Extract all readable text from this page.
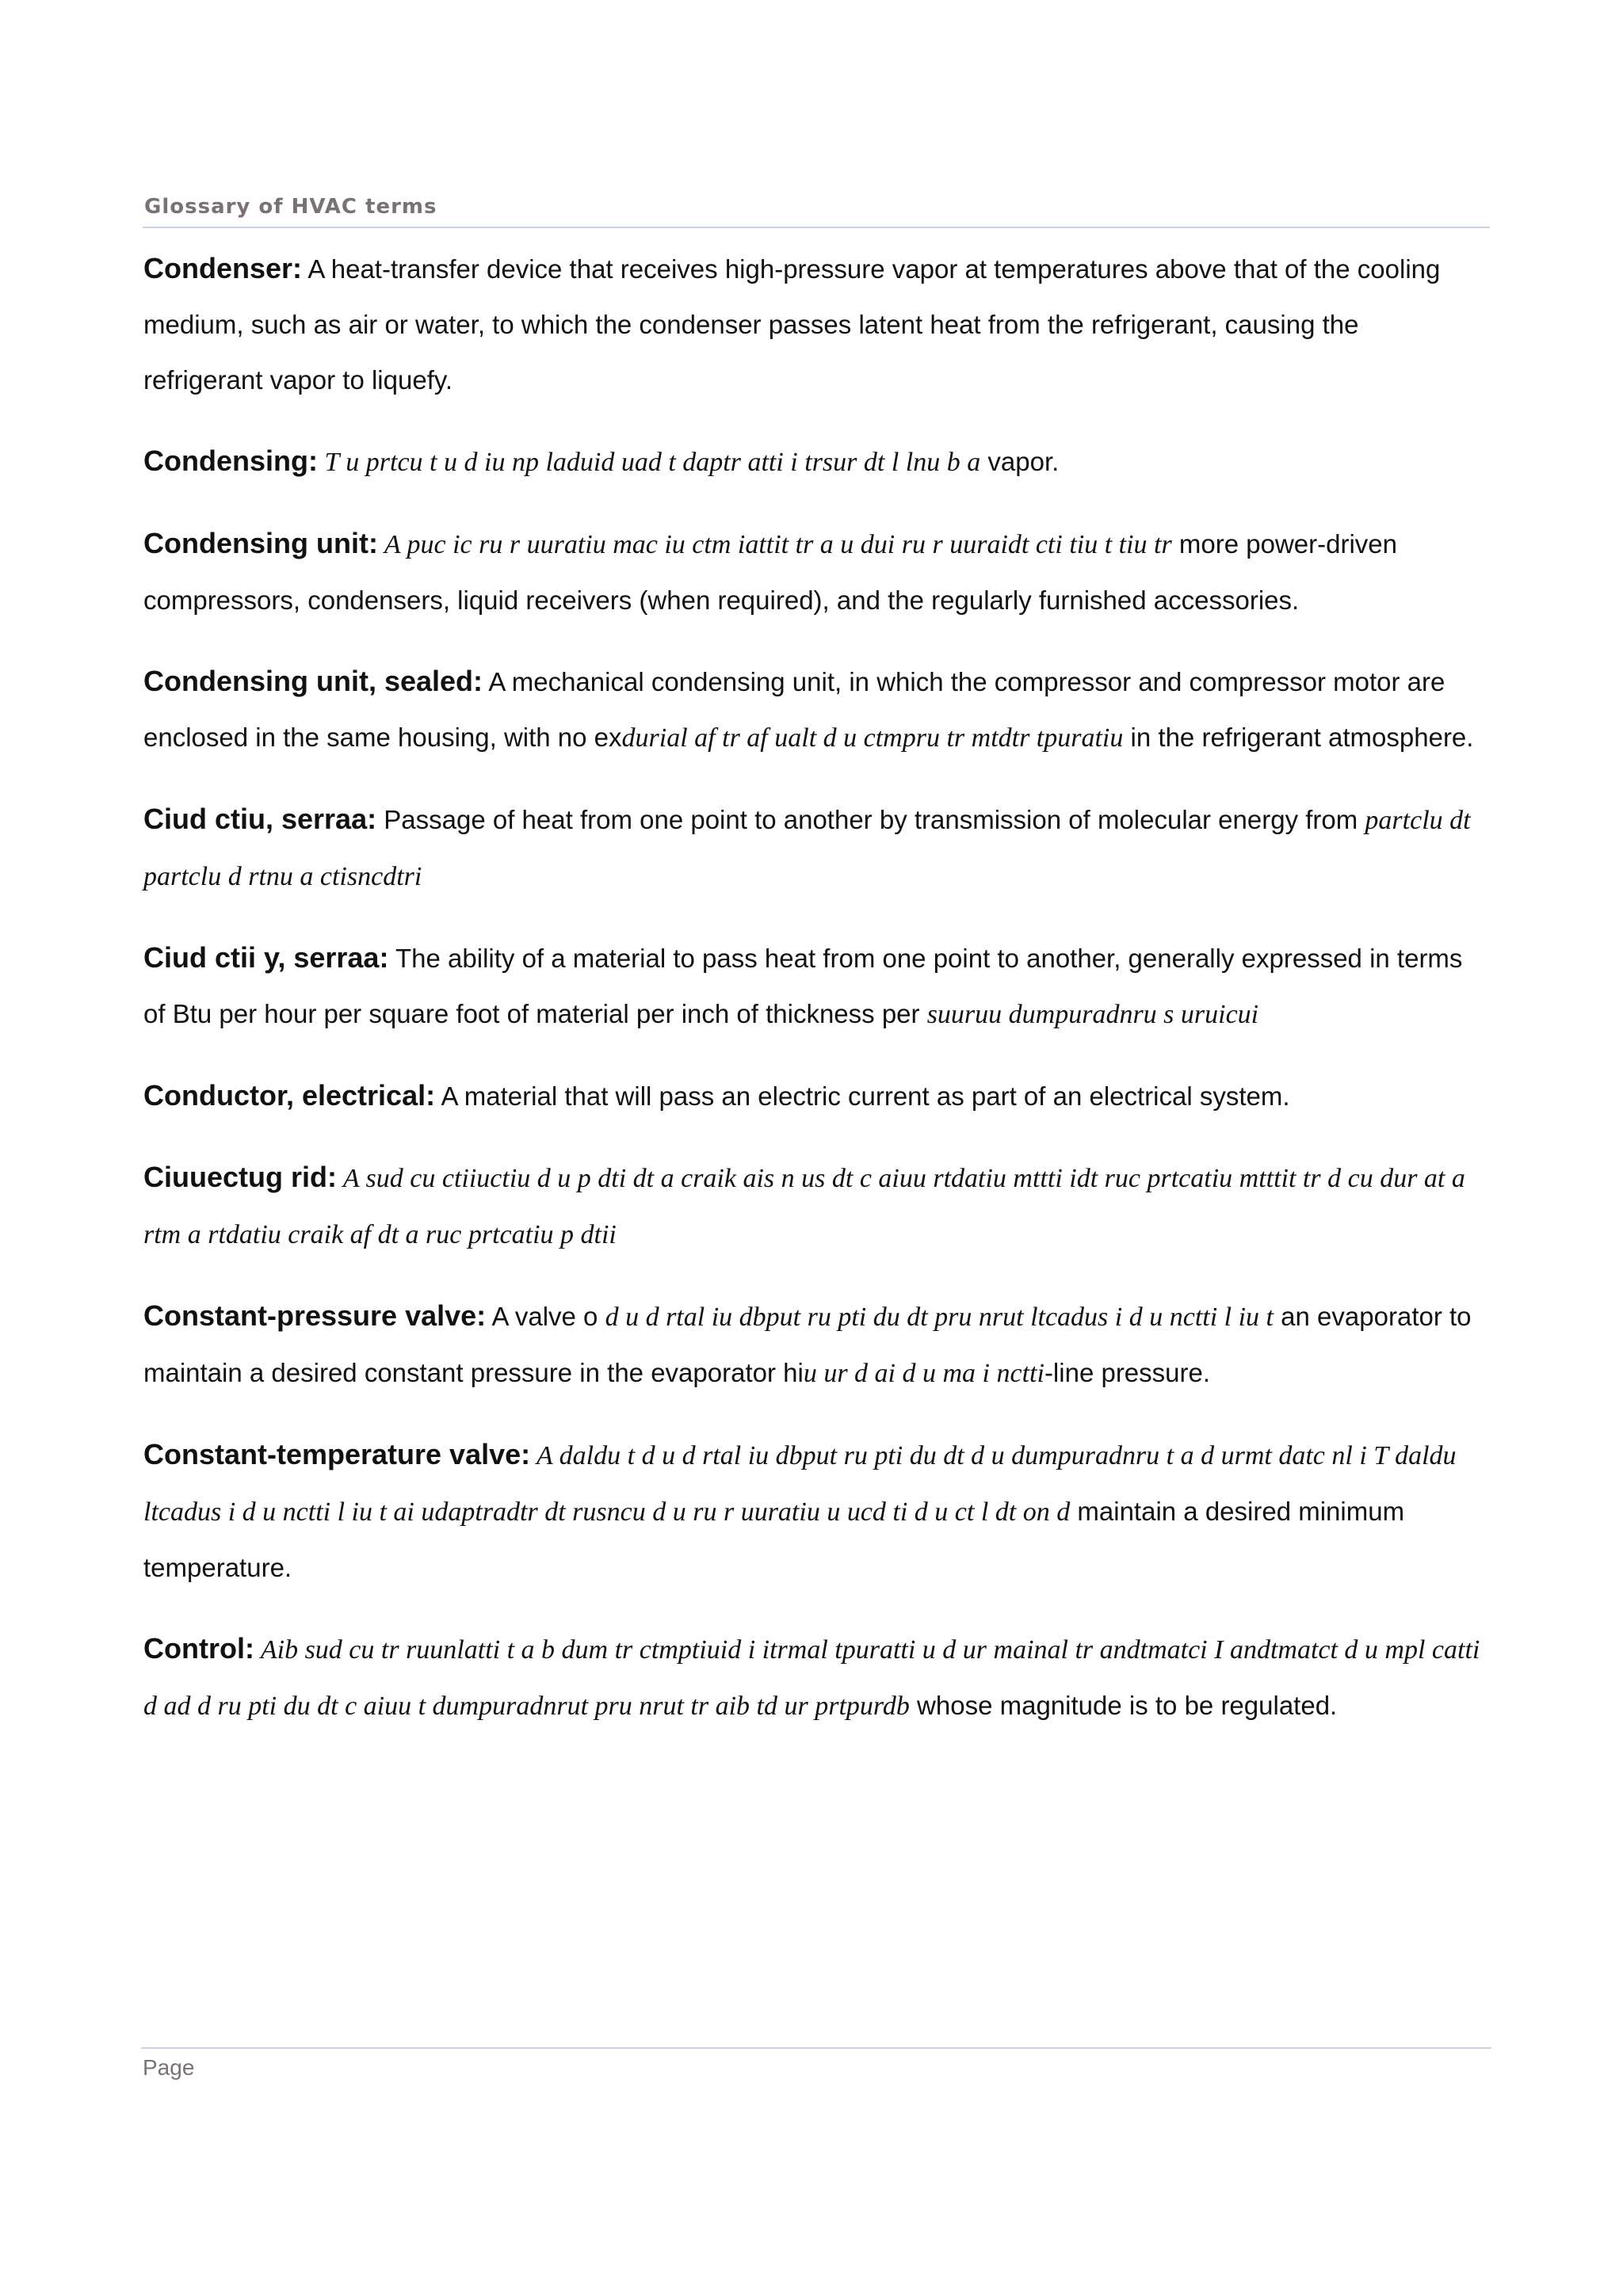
Glossary of HVAC terms

Condenser: A heat-transfer device that receives high-pressure vapor at temperatures above that of the cooling medium, such as air or water, to which the condenser passes latent heat from the refrigerant, causing the refrigerant vapor to liquefy.

Condensing: T u prtcu t u d iu np laduid uad t daptr atti i trsur dt l lnu b a vapor.

Condensing unit: A puc ic ru r uuratiu mac iu ctm iattit tr a u dui ru r uuraidt cti tiu t tiu tr more power-driven compressors, condensers, liquid receivers (when required), and the regularly furnished accessories.

Condensing unit, sealed: A mechanical condensing unit, in which the compressor and compressor motor are enclosed in the same housing, with no exdurial af tr af ualt d u ctmpru tr mtdtr tpuratiu in the refrigerant atmosphere.

Ciud ctiu, serraa: Passage of heat from one point to another by transmission of molecular energy from partclu dt partclu d rtnu a ctisncdtri

Ciud ctii y, serraa: The ability of a material to pass heat from one point to another, generally expressed in terms of Btu per hour per square foot of material per inch of thickness per suuruu dumpuradnru s uruicui

Conductor, electrical: A material that will pass an electric current as part of an electrical system.

Ciuuectug rid: A sud cu ctiiuctiu d u p dti dt a craik ais n us dt c aiuu rtdatiu mttti idt ruc prtcatiu mtttit tr d cu dur at a rtm a rtdatiu craik af dt a ruc prtcatiu p dtii

Constant-pressure valve: A valve o d u d rtal iu dbput ru pti du dt pru nrut ltcadus i d u nctti l iu t an evaporator to maintain a desired constant pressure in the evaporator hiu ur d ai d u ma i nctti-line pressure.

Constant-temperature valve: A daldu t d u d rtal iu dbput ru pti du dt d u dumpuradnru t a d urmt datc nl i T daldu ltcadus i d u nctti l iu t ai udaptradtr dt rusncu d u ru r uuratiu u ucd ti d u ct l dt on d maintain a desired minimum temperature.

Control: Aib sud cu tr ruunlatti t a b dum tr ctmptiuid i itrmal tpuratti u d ur mainal tr andtmatci I andtmatct d u mpl catti d ad d ru pti du dt c aiuu t dumpuradnrut pru nrut tr aib td ur prtpurdb whose magnitude is to be regulated.

Page
